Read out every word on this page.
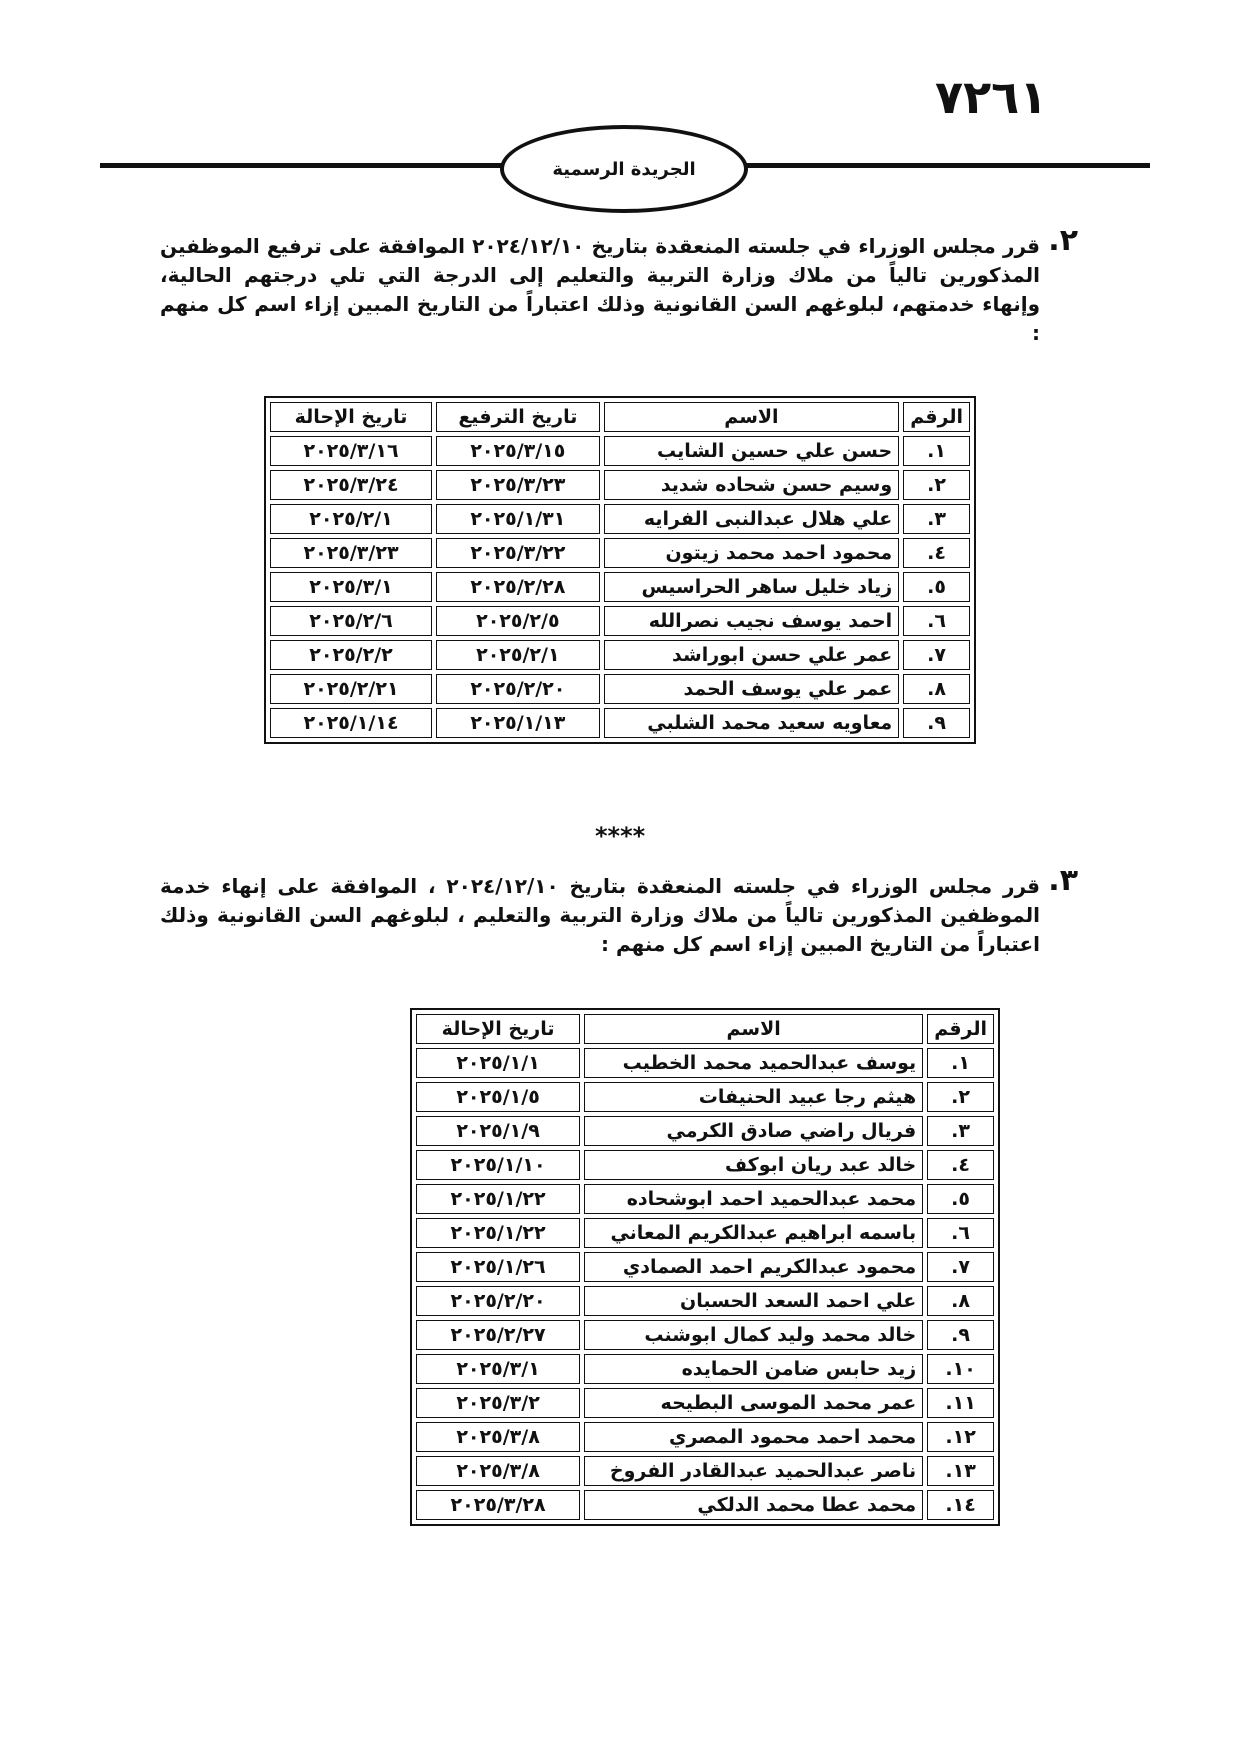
٧٢٦١
الجريدة الرسمية
٢.
قرر مجلس الوزراء في جلسته المنعقدة بتاريخ ٢٠٢٤/١٢/١٠ الموافقة على ترفيع الموظفين المذكورين تالياً من ملاك وزارة التربية والتعليم إلى الدرجة التي تلي درجتهم الحالية، وإنهاء خدمتهم، لبلوغهم السن القانونية وذلك اعتباراً من التاريخ المبين إزاء اسم كل منهم :
الرقم	الاسم	تاريخ الترفيع	تاريخ الإحالة
١.	حسن علي حسين الشايب	٢٠٢٥/٣/١٥	٢٠٢٥/٣/١٦
٢.	وسيم حسن شحاده شديد	٢٠٢٥/٣/٢٣	٢٠٢٥/٣/٢٤
٣.	علي هلال عبدالنبى الفرايه	٢٠٢٥/١/٣١	٢٠٢٥/٢/١
٤.	محمود احمد محمد زيتون	٢٠٢٥/٣/٢٢	٢٠٢٥/٣/٢٣
٥.	زياد خليل ساهر الحراسيس	٢٠٢٥/٢/٢٨	٢٠٢٥/٣/١
٦.	احمد يوسف نجيب نصرالله	٢٠٢٥/٢/٥	٢٠٢٥/٢/٦
٧.	عمر علي حسن ابوراشد	٢٠٢٥/٢/١	٢٠٢٥/٢/٢
٨.	عمر علي يوسف الحمد	٢٠٢٥/٢/٢٠	٢٠٢٥/٢/٢١
٩.	معاويه سعيد محمد الشلبي	٢٠٢٥/١/١٣	٢٠٢٥/١/١٤
****
٣.
قرر مجلس الوزراء في جلسته المنعقدة بتاريخ ٢٠٢٤/١٢/١٠ ، الموافقة على إنهاء خدمة الموظفين المذكورين تالياً من ملاك وزارة التربية والتعليم ، لبلوغهم السن القانونية وذلك اعتباراً من التاريخ المبين إزاء اسم كل منهم :
الرقم	الاسم	تاريخ الإحالة
١.	يوسف عبدالحميد محمد الخطيب	٢٠٢٥/١/١
٢.	هيثم رجا عبيد الحنيفات	٢٠٢٥/١/٥
٣.	فريال راضي صادق الكرمي	٢٠٢٥/١/٩
٤.	خالد عبد ريان ابوكف	٢٠٢٥/١/١٠
٥.	محمد عبدالحميد احمد ابوشحاده	٢٠٢٥/١/٢٢
٦.	باسمه ابراهيم عبدالكريم المعاني	٢٠٢٥/١/٢٢
٧.	محمود عبدالكريم احمد الصمادي	٢٠٢٥/١/٢٦
٨.	علي احمد السعد الحسبان	٢٠٢٥/٢/٢٠
٩.	خالد محمد وليد كمال ابوشنب	٢٠٢٥/٢/٢٧
١٠.	زيد حابس ضامن الحمايده	٢٠٢٥/٣/١
١١.	عمر محمد الموسى البطيحه	٢٠٢٥/٣/٢
١٢.	محمد احمد محمود المصري	٢٠٢٥/٣/٨
١٣.	ناصر عبدالحميد عبدالقادر الفروخ	٢٠٢٥/٣/٨
١٤.	محمد عطا محمد الدلكي	٢٠٢٥/٣/٢٨
